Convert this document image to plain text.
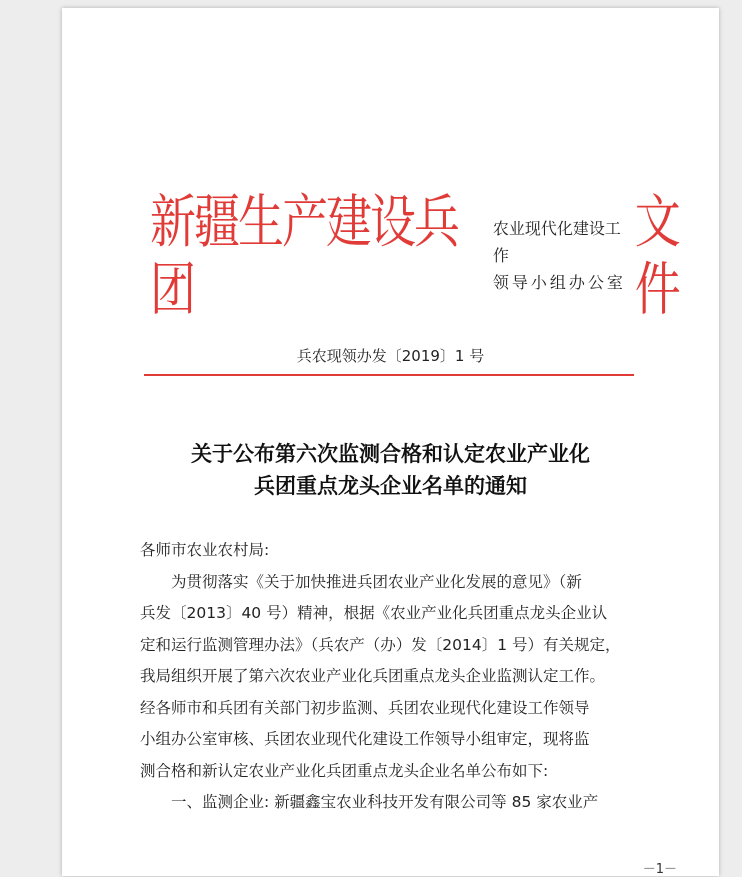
新疆生产建设兵团
农业现代化建设工作
领导小组办公室
文件
兵农现领办发〔2019〕1 号
关于公布第六次监测合格和认定农业产业化
兵团重点龙头企业名单的通知

各师市农业农村局:

为贯彻落实《关于加快推进兵团农业产业化发展的意见》（新

兵发〔2013〕40 号）精神，根据《农业产业化兵团重点龙头企业认

定和运行监测管理办法》（兵农产（办）发〔2014〕1 号）有关规定，

我局组织开展了第六次农业产业化兵团重点龙头企业监测认定工作。

经各师市和兵团有关部门初步监测、兵团农业现代化建设工作领导

小组办公室审核、兵团农业现代化建设工作领导小组审定，现将监

测合格和新认定农业产业化兵团重点龙头企业名单公布如下:

一、监测企业: 新疆鑫宝农业科技开发有限公司等 85 家农业产

－1－
